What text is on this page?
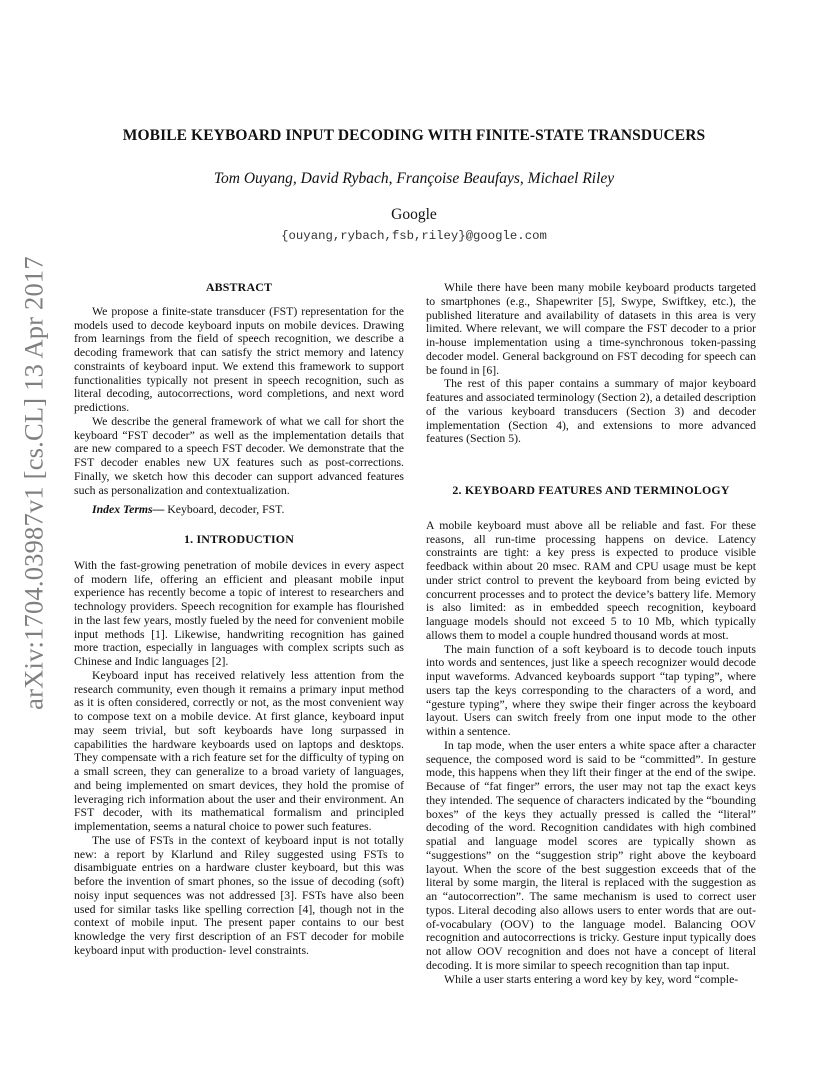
arXiv:1704.03987v1 [cs.CL] 13 Apr 2017
MOBILE KEYBOARD INPUT DECODING WITH FINITE-STATE TRANSDUCERS
Tom Ouyang, David Rybach, Françoise Beaufays, Michael Riley
Google
{ouyang,rybach,fsb,riley}@google.com
ABSTRACT

We propose a finite-state transducer (FST) representation for the models used to decode keyboard inputs on mobile devices. Drawing from learnings from the field of speech recognition, we describe a decoding framework that can satisfy the strict memory and latency constraints of keyboard input. We extend this framework to support functionalities typically not present in speech recognition, such as literal decoding, autocorrections, word completions, and next word predictions.

We describe the general framework of what we call for short the keyboard “FST decoder” as well as the implementation details that are new compared to a speech FST decoder. We demonstrate that the FST decoder enables new UX features such as post-corrections. Finally, we sketch how this decoder can support advanced features such as personalization and contextualization.

Index Terms— Keyboard, decoder, FST.

1. INTRODUCTION

With the fast-growing penetration of mobile devices in every aspect of modern life, offering an efficient and pleasant mobile input experience has recently become a topic of interest to researchers and technology providers. Speech recognition for example has flourished in the last few years, mostly fueled by the need for convenient mobile input methods [1]. Likewise, handwriting recognition has gained more traction, especially in languages with complex scripts such as Chinese and Indic languages [2].

Keyboard input has received relatively less attention from the research community, even though it remains a primary input method as it is often considered, correctly or not, as the most convenient way to compose text on a mobile device. At first glance, keyboard input may seem trivial, but soft keyboards have long surpassed in capabilities the hardware keyboards used on laptops and desktops. They compensate with a rich feature set for the difficulty of typing on a small screen, they can generalize to a broad variety of languages, and being implemented on smart devices, they hold the promise of leveraging rich information about the user and their environment. An FST decoder, with its mathematical formalism and principled implementation, seems a natural choice to power such features.

The use of FSTs in the context of keyboard input is not totally new: a report by Klarlund and Riley suggested using FSTs to disambiguate entries on a hardware cluster keyboard, but this was before the invention of smart phones, so the issue of decoding (soft) noisy input sequences was not addressed [3]. FSTs have also been used for similar tasks like spelling correction [4], though not in the context of mobile input. The present paper contains to our best knowledge the very first description of an FST decoder for mobile keyboard input with production- level constraints.

While there have been many mobile keyboard products targeted to smartphones (e.g., Shapewriter [5], Swype, Swiftkey, etc.), the published literature and availability of datasets in this area is very limited. Where relevant, we will compare the FST decoder to a prior in-house implementation using a time-synchronous token-passing decoder model. General background on FST decoding for speech can be found in [6].

The rest of this paper contains a summary of major keyboard features and associated terminology (Section 2), a detailed description of the various keyboard transducers (Section 3) and decoder implementation (Section 4), and extensions to more advanced features (Section 5).

2. KEYBOARD FEATURES AND TERMINOLOGY

A mobile keyboard must above all be reliable and fast. For these reasons, all run-time processing happens on device. Latency constraints are tight: a key press is expected to produce visible feedback within about 20 msec. RAM and CPU usage must be kept under strict control to prevent the keyboard from being evicted by concurrent processes and to protect the device’s battery life. Memory is also limited: as in embedded speech recognition, keyboard language models should not exceed 5 to 10 Mb, which typically allows them to model a couple hundred thousand words at most.

The main function of a soft keyboard is to decode touch inputs into words and sentences, just like a speech recognizer would decode input waveforms. Advanced keyboards support “tap typing”, where users tap the keys corresponding to the characters of a word, and “gesture typing”, where they swipe their finger across the keyboard layout. Users can switch freely from one input mode to the other within a sentence.

In tap mode, when the user enters a white space after a character sequence, the composed word is said to be “committed”. In gesture mode, this happens when they lift their finger at the end of the swipe. Because of “fat finger” errors, the user may not tap the exact keys they intended. The sequence of characters indicated by the “bounding boxes” of the keys they actually pressed is called the “literal” decoding of the word. Recognition candidates with high combined spatial and language model scores are typically shown as “suggestions” on the “suggestion strip” right above the keyboard layout. When the score of the best suggestion exceeds that of the literal by some margin, the literal is replaced with the suggestion as an “autocorrection”. The same mechanism is used to correct user typos. Literal decoding also allows users to enter words that are out-of-vocabulary (OOV) to the language model. Balancing OOV recognition and autocorrections is tricky. Gesture input typically does not allow OOV recognition and does not have a concept of literal decoding. It is more similar to speech recognition than tap input.

While a user starts entering a word key by key, word “comple-
